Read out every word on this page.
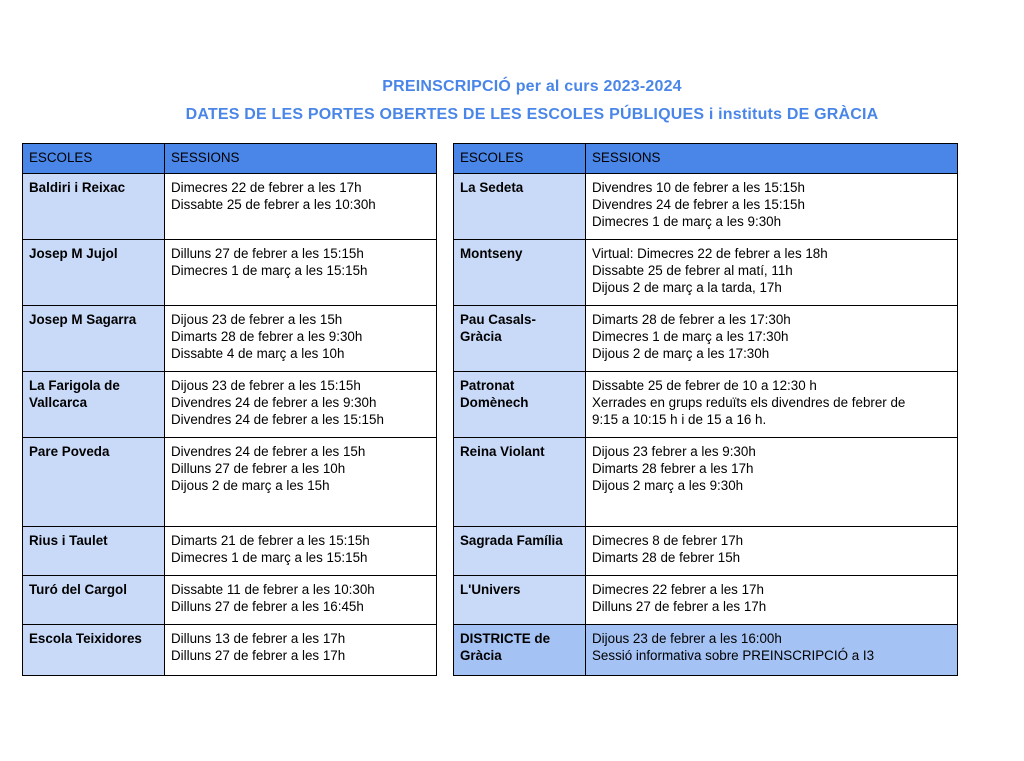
PREINSCRIPCIÓ per al curs 2023-2024
DATES DE LES PORTES OBERTES DE LES ESCOLES PÚBLIQUES i instituts DE GRÀCIA
ESCOLES	SESSIONS

Baldiri i Reixac	Dimecres 22 de febrer a les 17h
Dissabte 25 de febrer a les 10:30h

Josep M Jujol	Dilluns 27 de febrer a les 15:15h
Dimecres 1 de març a les 15:15h

Josep M Sagarra	Dijous 23 de febrer a les 15h
Dimarts 28 de febrer a les 9:30h
Dissabte 4 de març a les 10h

La Farigola de
Vallcarca	Dijous 23 de febrer a les 15:15h
Divendres 24 de febrer a les 9:30h
Divendres 24 de febrer a les 15:15h

Pare Poveda	Divendres 24 de febrer a les 15h
Dilluns 27 de febrer a les 10h
Dijous 2 de març a les 15h

Rius i Taulet	Dimarts 21 de febrer a les 15:15h
Dimecres 1 de març a les 15:15h

Turó del Cargol	Dissabte 11 de febrer a les 10:30h
Dilluns 27 de febrer a les 16:45h

Escola Teixidores	Dilluns 13 de febrer a les 17h
Dilluns 27 de febrer a les 17h
ESCOLES	SESSIONS

La Sedeta	Divendres 10 de febrer a les 15:15h
Divendres 24 de febrer a les 15:15h
Dimecres 1 de març a les 9:30h

Montseny	Virtual: Dimecres 22 de febrer a les 18h
Dissabte 25 de febrer al matí, 11h
Dijous 2 de març a la tarda, 17h

Pau Casals-
Gràcia	Dimarts 28 de febrer a les 17:30h
Dimecres 1 de març a les 17:30h
Dijous 2 de març a les 17:30h

Patronat
Domènech	Dissabte 25 de febrer de 10 a 12:30 h
Xerrades en grups reduïts els divendres de febrer de
9:15 a 10:15 h i de 15 a 16 h.

Reina Violant	Dijous 23 febrer a les 9:30h
Dimarts 28 febrer a les 17h
Dijous 2 març a les 9:30h

Sagrada Família	Dimecres 8 de febrer 17h
Dimarts 28 de febrer 15h

L'Univers	Dimecres 22 febrer a les 17h
Dilluns 27 de febrer a les 17h

DISTRICTE de
Gràcia	Dijous 23 de febrer a les 16:00h
Sessió informativa sobre PREINSCRIPCIÓ a I3
